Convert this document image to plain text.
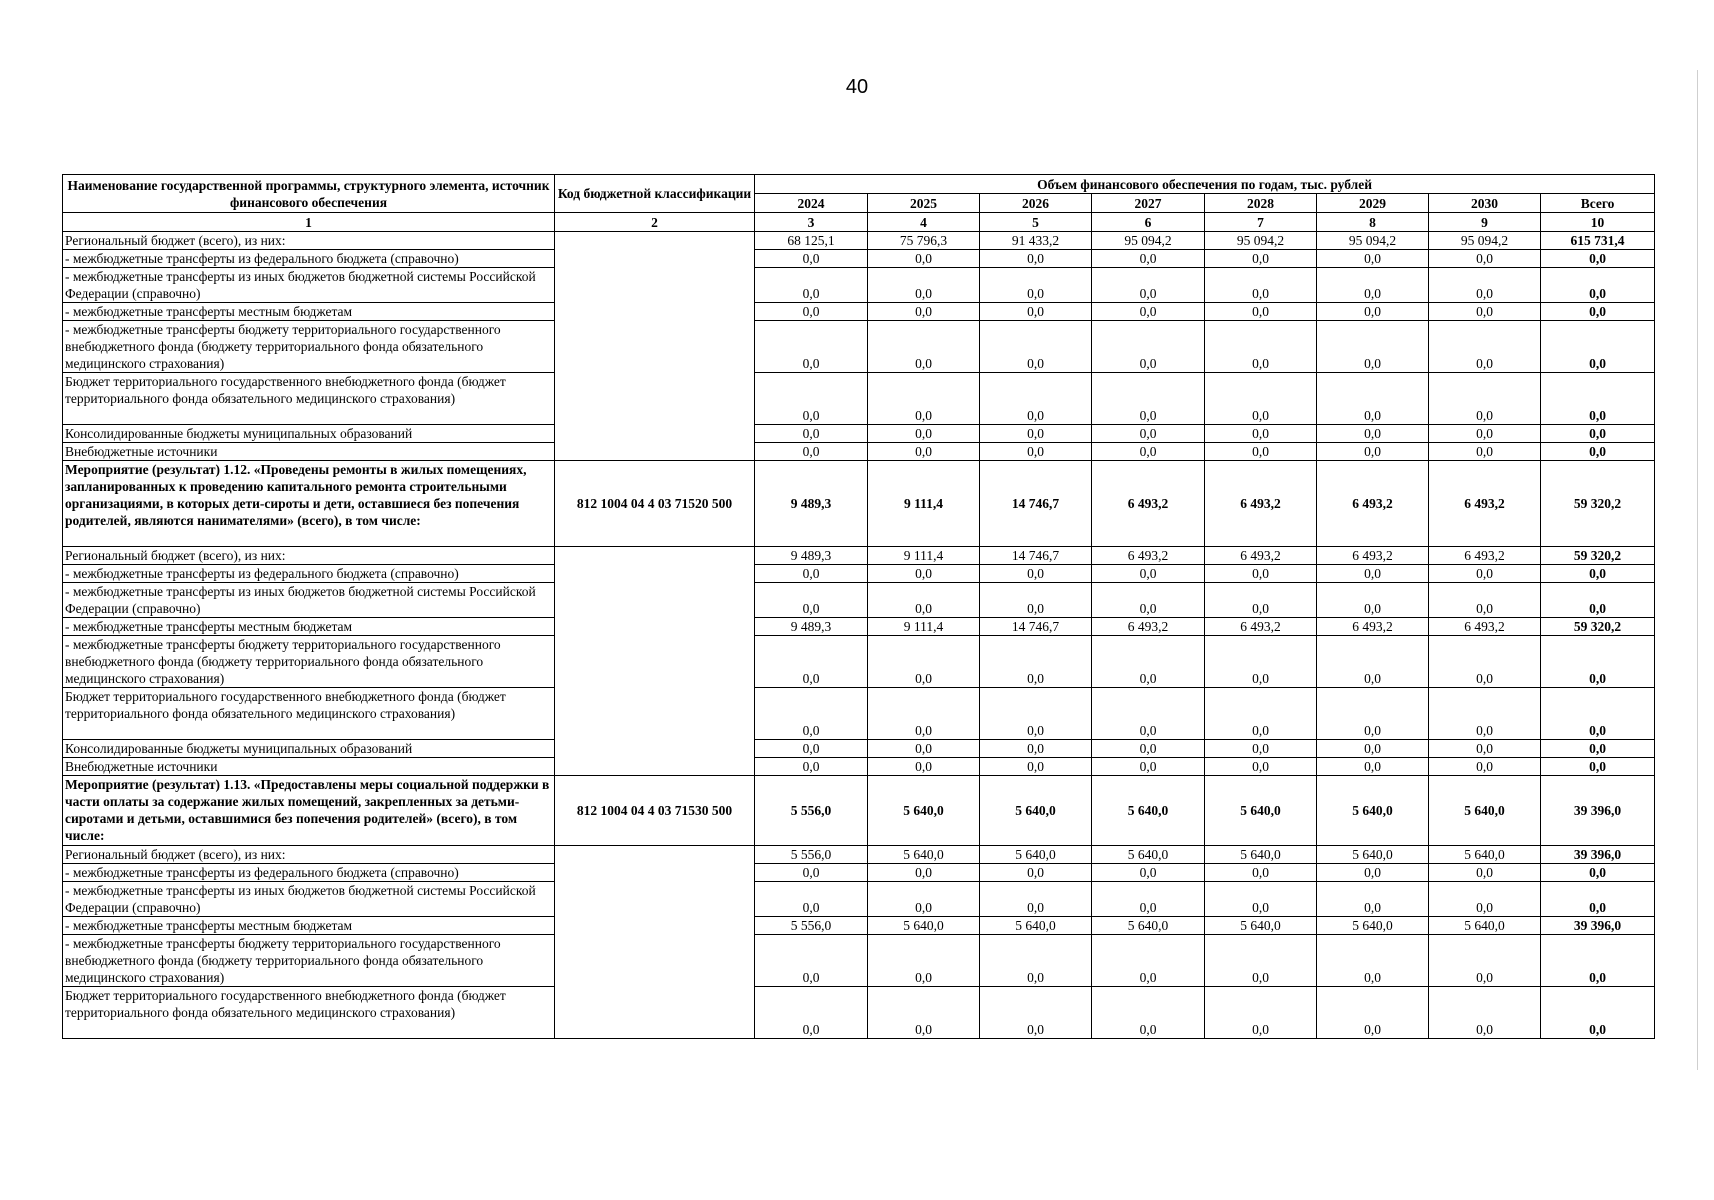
40
Наименование государственной программы, структурного элемента, источник финансового обеспечения	Код бюджетной классификации	Объем финансового обеспечения по годам, тыс. рублей							
		2024	2025	2026	2027	2028	2029	2030	Всего
1	2	3	4	5	6	7	8	9	10
Региональный бюджет (всего), из них:		68 125,1	75 796,3	91 433,2	95 094,2	95 094,2	95 094,2	95 094,2	615 731,4
- межбюджетные трансферты из федерального бюджета (справочно)		0,0	0,0	0,0	0,0	0,0	0,0	0,0	0,0
- межбюджетные трансферты из иных бюджетов бюджетной системы Российской Федерации (справочно)		0,0	0,0	0,0	0,0	0,0	0,0	0,0	0,0
- межбюджетные трансферты местным бюджетам		0,0	0,0	0,0	0,0	0,0	0,0	0,0	0,0
- межбюджетные трансферты бюджету территориального государственного внебюджетного фонда (бюджету территориального фонда обязательного медицинского страхования)		0,0	0,0	0,0	0,0	0,0	0,0	0,0	0,0
Бюджет территориального государственного внебюджетного фонда (бюджет территориального фонда обязательного медицинского страхования)		0,0	0,0	0,0	0,0	0,0	0,0	0,0	0,0
Консолидированные бюджеты муниципальных образований		0,0	0,0	0,0	0,0	0,0	0,0	0,0	0,0
Внебюджетные источники		0,0	0,0	0,0	0,0	0,0	0,0	0,0	0,0
Мероприятие (результат) 1.12. «Проведены ремонты в жилых помещениях, запланированных к проведению капитального ремонта строительными организациями, в которых дети-сироты и дети, оставшиеся без попечения родителей, являются нанимателями» (всего), в том числе:	812 1004 04 4 03 71520 500	9 489,3	9 111,4	14 746,7	6 493,2	6 493,2	6 493,2	6 493,2	59 320,2
Региональный бюджет (всего), из них:		9 489,3	9 111,4	14 746,7	6 493,2	6 493,2	6 493,2	6 493,2	59 320,2
- межбюджетные трансферты из федерального бюджета (справочно)		0,0	0,0	0,0	0,0	0,0	0,0	0,0	0,0
- межбюджетные трансферты из иных бюджетов бюджетной системы Российской Федерации (справочно)		0,0	0,0	0,0	0,0	0,0	0,0	0,0	0,0
- межбюджетные трансферты местным бюджетам		9 489,3	9 111,4	14 746,7	6 493,2	6 493,2	6 493,2	6 493,2	59 320,2
- межбюджетные трансферты бюджету территориального государственного внебюджетного фонда (бюджету территориального фонда обязательного медицинского страхования)		0,0	0,0	0,0	0,0	0,0	0,0	0,0	0,0
Бюджет территориального государственного внебюджетного фонда (бюджет территориального фонда обязательного медицинского страхования)		0,0	0,0	0,0	0,0	0,0	0,0	0,0	0,0
Консолидированные бюджеты муниципальных образований		0,0	0,0	0,0	0,0	0,0	0,0	0,0	0,0
Внебюджетные источники		0,0	0,0	0,0	0,0	0,0	0,0	0,0	0,0
Мероприятие (результат) 1.13. «Предоставлены меры социальной поддержки в части оплаты за содержание жилых помещений, закрепленных за детьми-сиротами и детьми, оставшимися без попечения родителей» (всего), в том числе:	812 1004 04 4 03 71530 500	5 556,0	5 640,0	5 640,0	5 640,0	5 640,0	5 640,0	5 640,0	39 396,0
Региональный бюджет (всего), из них:		5 556,0	5 640,0	5 640,0	5 640,0	5 640,0	5 640,0	5 640,0	39 396,0
- межбюджетные трансферты из федерального бюджета (справочно)		0,0	0,0	0,0	0,0	0,0	0,0	0,0	0,0
- межбюджетные трансферты из иных бюджетов бюджетной системы Российской Федерации (справочно)		0,0	0,0	0,0	0,0	0,0	0,0	0,0	0,0
- межбюджетные трансферты местным бюджетам		5 556,0	5 640,0	5 640,0	5 640,0	5 640,0	5 640,0	5 640,0	39 396,0
- межбюджетные трансферты бюджету территориального государственного внебюджетного фонда (бюджету территориального фонда обязательного медицинского страхования)		0,0	0,0	0,0	0,0	0,0	0,0	0,0	0,0
Бюджет территориального государственного внебюджетного фонда (бюджет территориального фонда обязательного медицинского страхования)		0,0	0,0	0,0	0,0	0,0	0,0	0,0	0,0
